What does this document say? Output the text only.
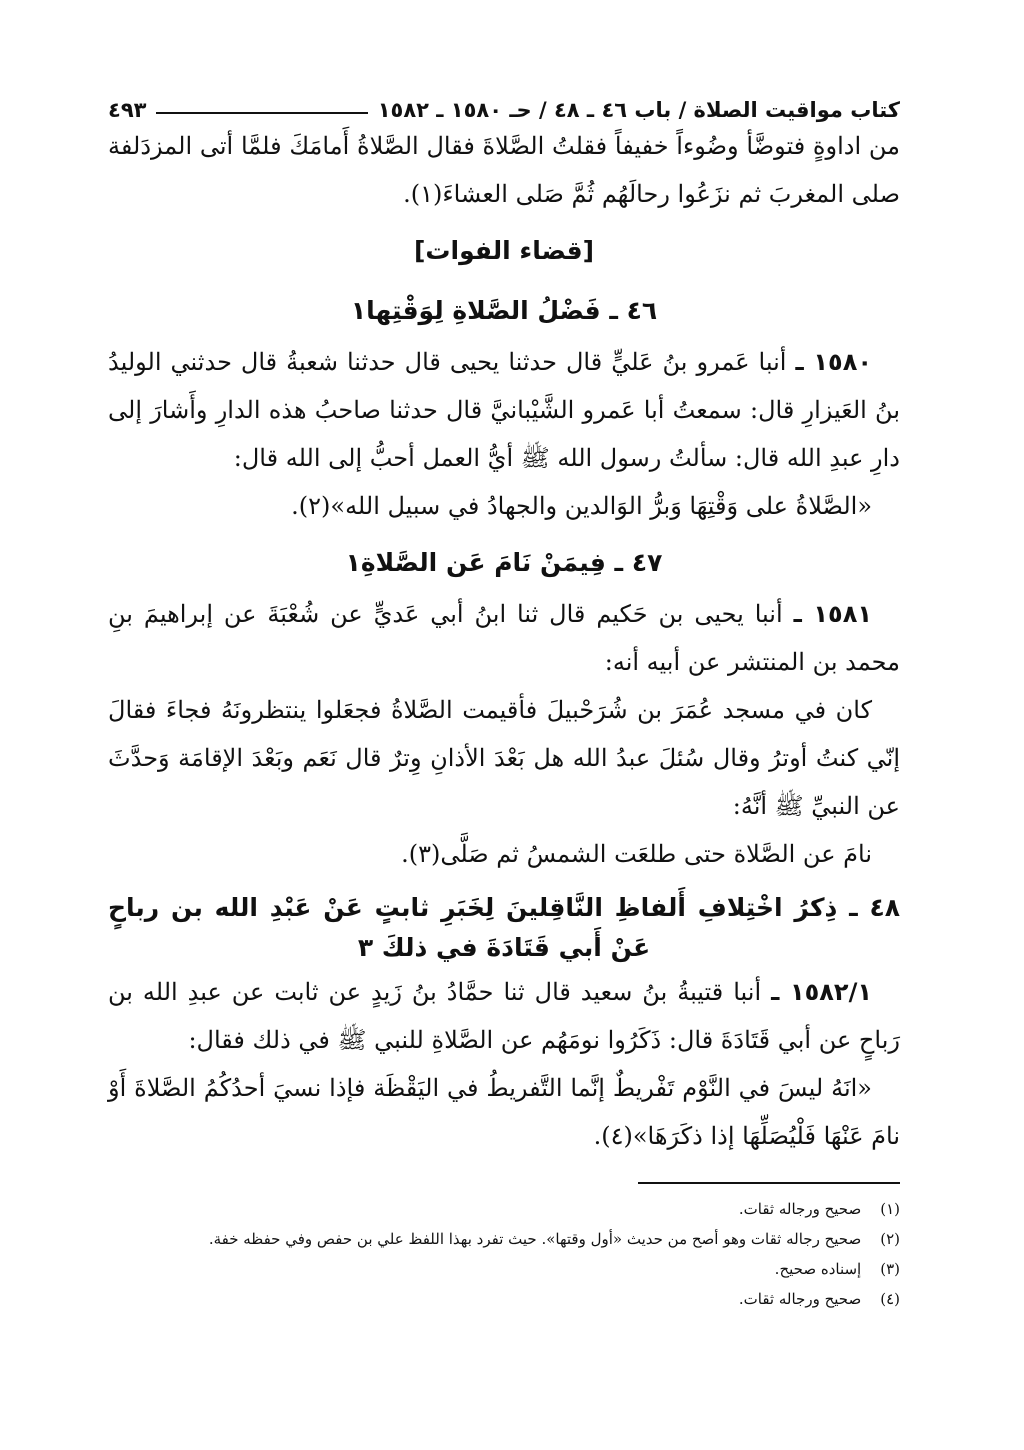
كتاب مواقيت الصلاة / باب ٤٦ ـ ٤٨ / حـ ١٥٨٠ ـ ١٥٨٢
٤٩٣

من اداوةٍ فتوضَّأ وضُوءاً خفيفاً فقلتُ الصَّلاةَ فقال الصَّلاةُ أَمامَكَ فلمَّا أتى المزدَلفة صلى المغربَ ثم نزَعُوا رحالَهُم ثُمَّ صَلى العشاءَ(١).

[قضاء الفوات]
٤٦ ـ فَضْلُ الصَّلاةِ لِوَقْتِها١

١٥٨٠ ـ أنبا عَمرو بنُ عَليٍّ قال حدثنا يحيى قال حدثنا شعبةُ قال حدثني الوليدُ بنُ العَيزارِ قال: سمعتُ أبا عَمرو الشَّيْبانيَّ قال حدثنا صاحبُ هذه الدارِ وأَشارَ إلى دارِ عبدِ الله قال: سألتُ رسول الله ﷺ أيُّ العمل أحبُّ إلى الله قال:

«الصَّلاةُ على وَقْتِهَا وَبرُّ الوَالدين والجهادُ في سبيل الله»(٢).

٤٧ ـ فِيمَنْ نَامَ عَن الصَّلاةِ١

١٥٨١ ـ أنبا يحيى بن حَكيم قال ثنا ابنُ أبي عَديٍّ عن شُعْبَةَ عن إبراهيمَ بنِ محمد بن المنتشر عن أبيه أنه:

كان في مسجد عُمَرَ بن شُرَحْبيلَ فأقيمت الصَّلاةُ فجعَلوا ينتظرونَهُ فجاءَ فقالَ إنّي كنتُ أوترُ وقال سُئلَ عبدُ الله هل بَعْدَ الأذانِ وِترٌ قال نَعَم وبَعْدَ الإقامَة وَحدَّثَ عن النبيِّ ﷺ أنَّهُ:

نامَ عن الصَّلاة حتى طلعَت الشمسُ ثم صَلَّى(٣).

٤٨ ـ ذِكرُ اخْتِلافِ أَلفاظِ النَّاقِلينَ لِخَبَرِ ثابتٍ عَنْ عَبْدِ الله بن رباحٍ عَنْ أَبي قَتَادَةَ في ذلكَ ٣

١٥٨٢/١ ـ أنبا قتيبةُ بنُ سعيد قال ثنا حمَّادُ بنُ زَيدٍ عن ثابت عن عبدِ الله بن رَباحٍ عن أبي قَتَادَةَ قال: ذَكَرُوا نومَهُم عن الصَّلاةِ للنبي ﷺ في ذلك فقال:

«انَهُ ليسَ في النَّوْم تَفْريطٌ إنَّما التَّفريطُ في اليَقْظَة فإذا نسيَ أحدُكُمُ الصَّلاةَ أَوْ نامَ عَنْهَا فَلْيُصَلِّهَا إذا ذكَرَهَا»(٤).

(١) صحيح ورجاله ثقات.

(٢) صحيح رجاله ثقات وهو أصح من حديث «أول وقتها». حيث تفرد بهذا اللفظ علي بن حفص وفي حفظه خفة.

(٣) إسناده صحيح.

(٤) صحيح ورجاله ثقات.
